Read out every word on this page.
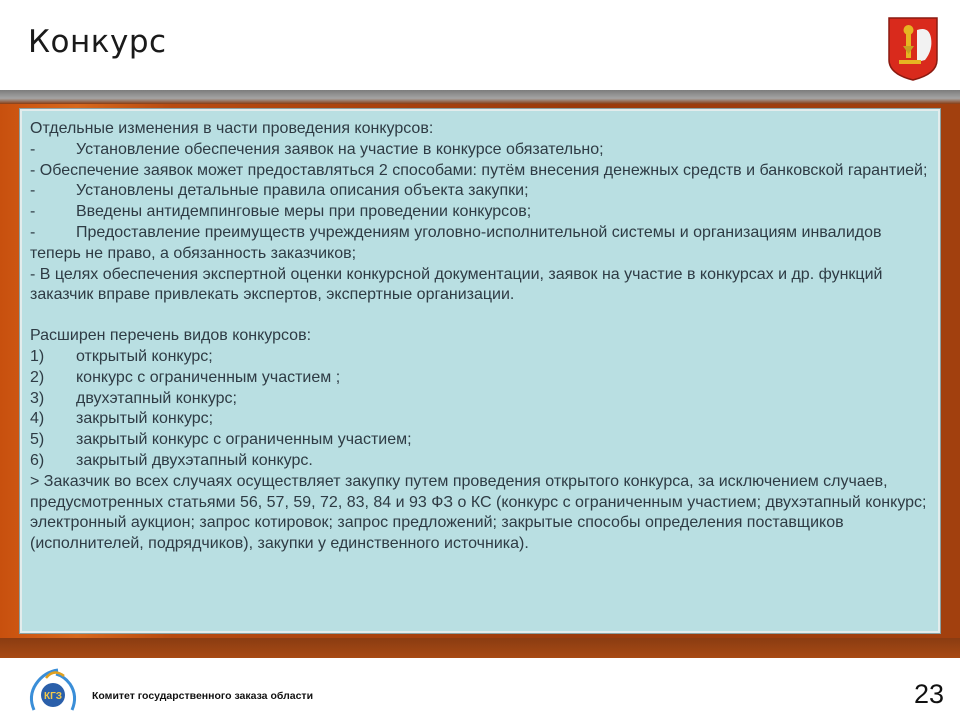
Конкурс

Отдельные изменения в части проведения конкурсов:

-	Установление обеспечения заявок на участие в конкурсе обязательно;

- Обеспечение заявок может предоставляться 2 способами: путём внесения денежных средств и банковской гарантией;

-	Установлены детальные правила описания объекта закупки;

-	Введены антидемпинговые меры при проведении конкурсов;

-	Предоставление преимуществ учреждениям уголовно-исполнительной системы и организациям инвалидов теперь не право, а обязанность заказчиков;

- В целях обеспечения экспертной оценки конкурсной документации, заявок на участие в конкурсах и др. функций заказчик вправе привлекать экспертов, экспертные организации.

Расширен перечень видов конкурсов:

1) открытый конкурс;

2) конкурс с ограниченным участием ;

3) двухэтапный конкурс;

4) закрытый конкурс;

5) закрытый конкурс с ограниченным участием;

6) закрытый двухэтапный конкурс.

> Заказчик во всех случаях осуществляет закупку путем проведения открытого конкурса, за исключением случаев, предусмотренных статьями 56, 57, 59, 72, 83, 84 и 93 ФЗ о КС (конкурс с ограниченным участием; двухэтапный конкурс; электронный аукцион; запрос котировок; запрос предложений; закрытые способы определения поставщиков (исполнителей, подрядчиков), закупки у единственного источника).

КГЗ	Комитет государственного заказа области	23
